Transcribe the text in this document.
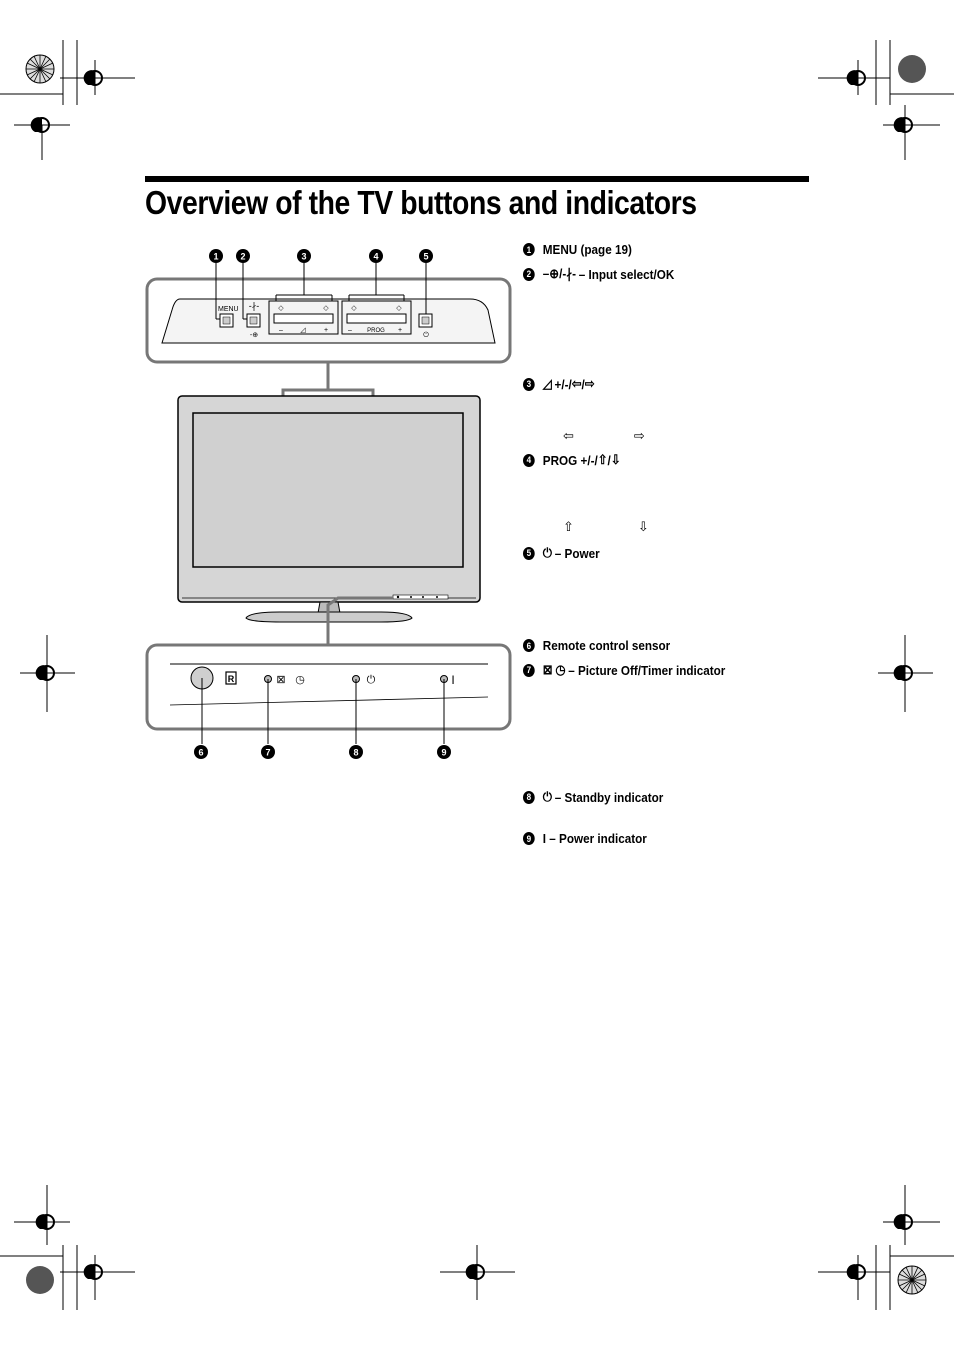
Overview of the TV buttons and indicators
MENU -∤-
-⊕
◇	◇
– ◿	+
◇	◇
–	PROG +
⏻
1 2	3	4	5
R	⊠ ◷	⏻	I
6	7	8	9
1 MENU (page 19)
2 –⊕/-∤- – Input select/OK
3 ◿ +/-/ ⇦ / ⇨
⇦	⇨
4 PROG +/-/ ⇧ / ⇩
⇧	⇩
5 ⏻ – Power
6 Remote control sensor
7 ⊠ ◷ – Picture Off/Timer indicator
8 ⏻ – Standby indicator
9 I – Power indicator
